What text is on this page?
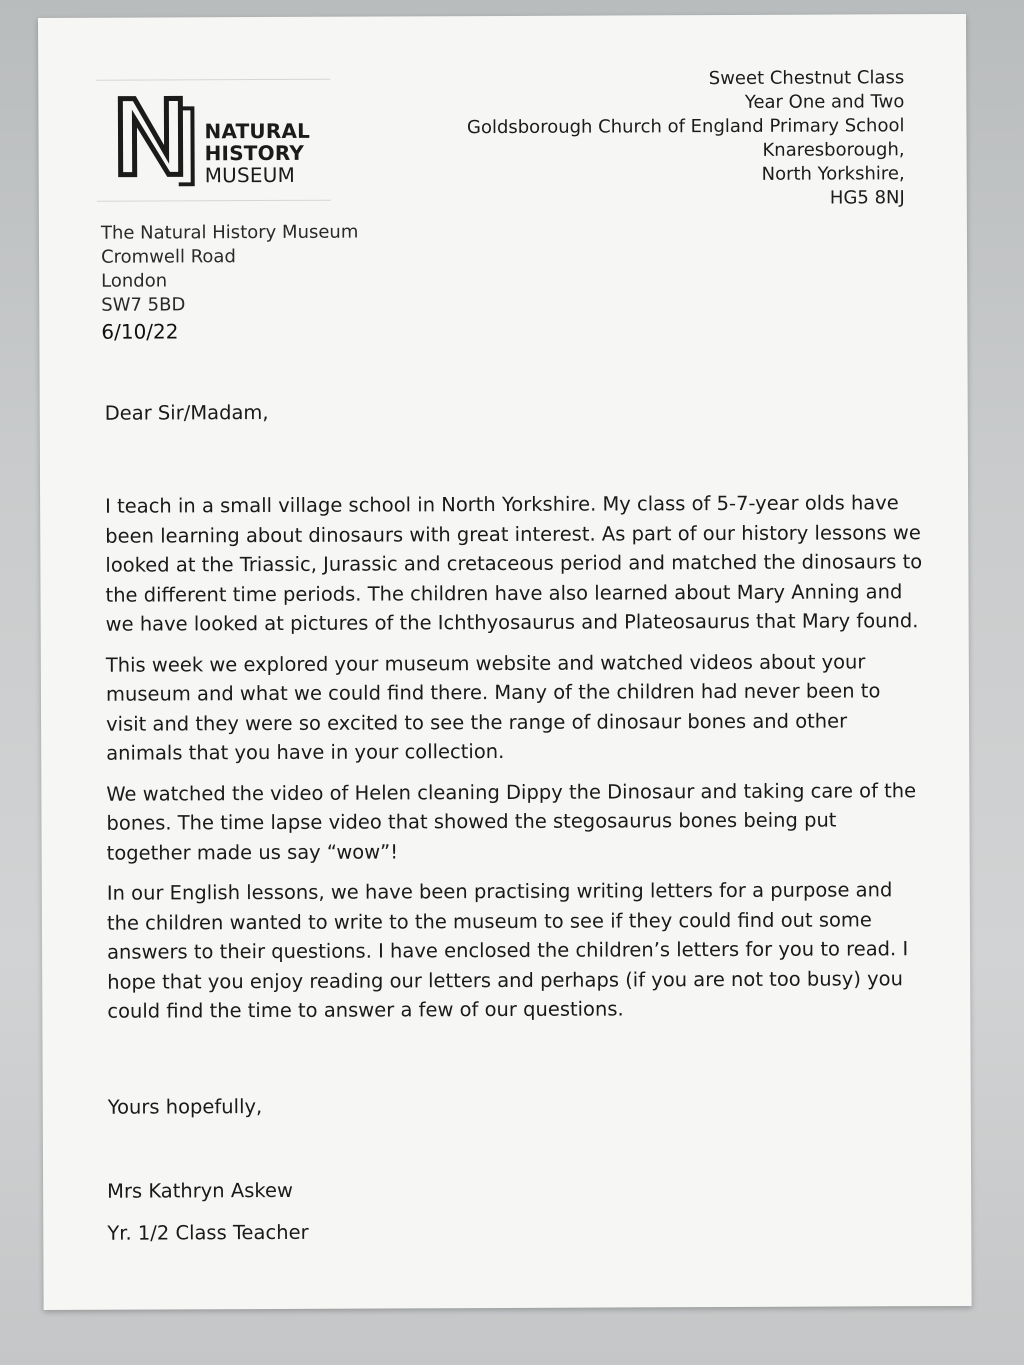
NATURAL
HISTORY
MUSEUM
Sweet Chestnut Class
Year One and Two
Goldsborough Church of England Primary School
Knaresborough,
North Yorkshire,
HG5 8NJ
The Natural History Museum
Cromwell Road
London
SW7 5BD
6/10/22

Dear Sir/Madam,

I teach in a small village school in North Yorkshire. My class of 5-7-year olds have been learning about dinosaurs with great interest. As part of our history lessons we looked at the Triassic, Jurassic and cretaceous period and matched the dinosaurs to the different time periods. The children have also learned about Mary Anning and we have looked at pictures of the Ichthyosaurus and Plateosaurus that Mary found.

This week we explored your museum website and watched videos about your museum and what we could find there. Many of the children had never been to visit and they were so excited to see the range of dinosaur bones and other animals that you have in your collection.

We watched the video of Helen cleaning Dippy the Dinosaur and taking care of the bones. The time lapse video that showed the stegosaurus bones being put together made us say “wow”!

In our English lessons, we have been practising writing letters for a purpose and the children wanted to write to the museum to see if they could find out some answers to their questions. I have enclosed the children’s letters for you to read. I hope that you enjoy reading our letters and perhaps (if you are not too busy) you could find the time to answer a few of our questions.

Yours hopefully,
Mrs Kathryn Askew
Yr. 1/2 Class Teacher
